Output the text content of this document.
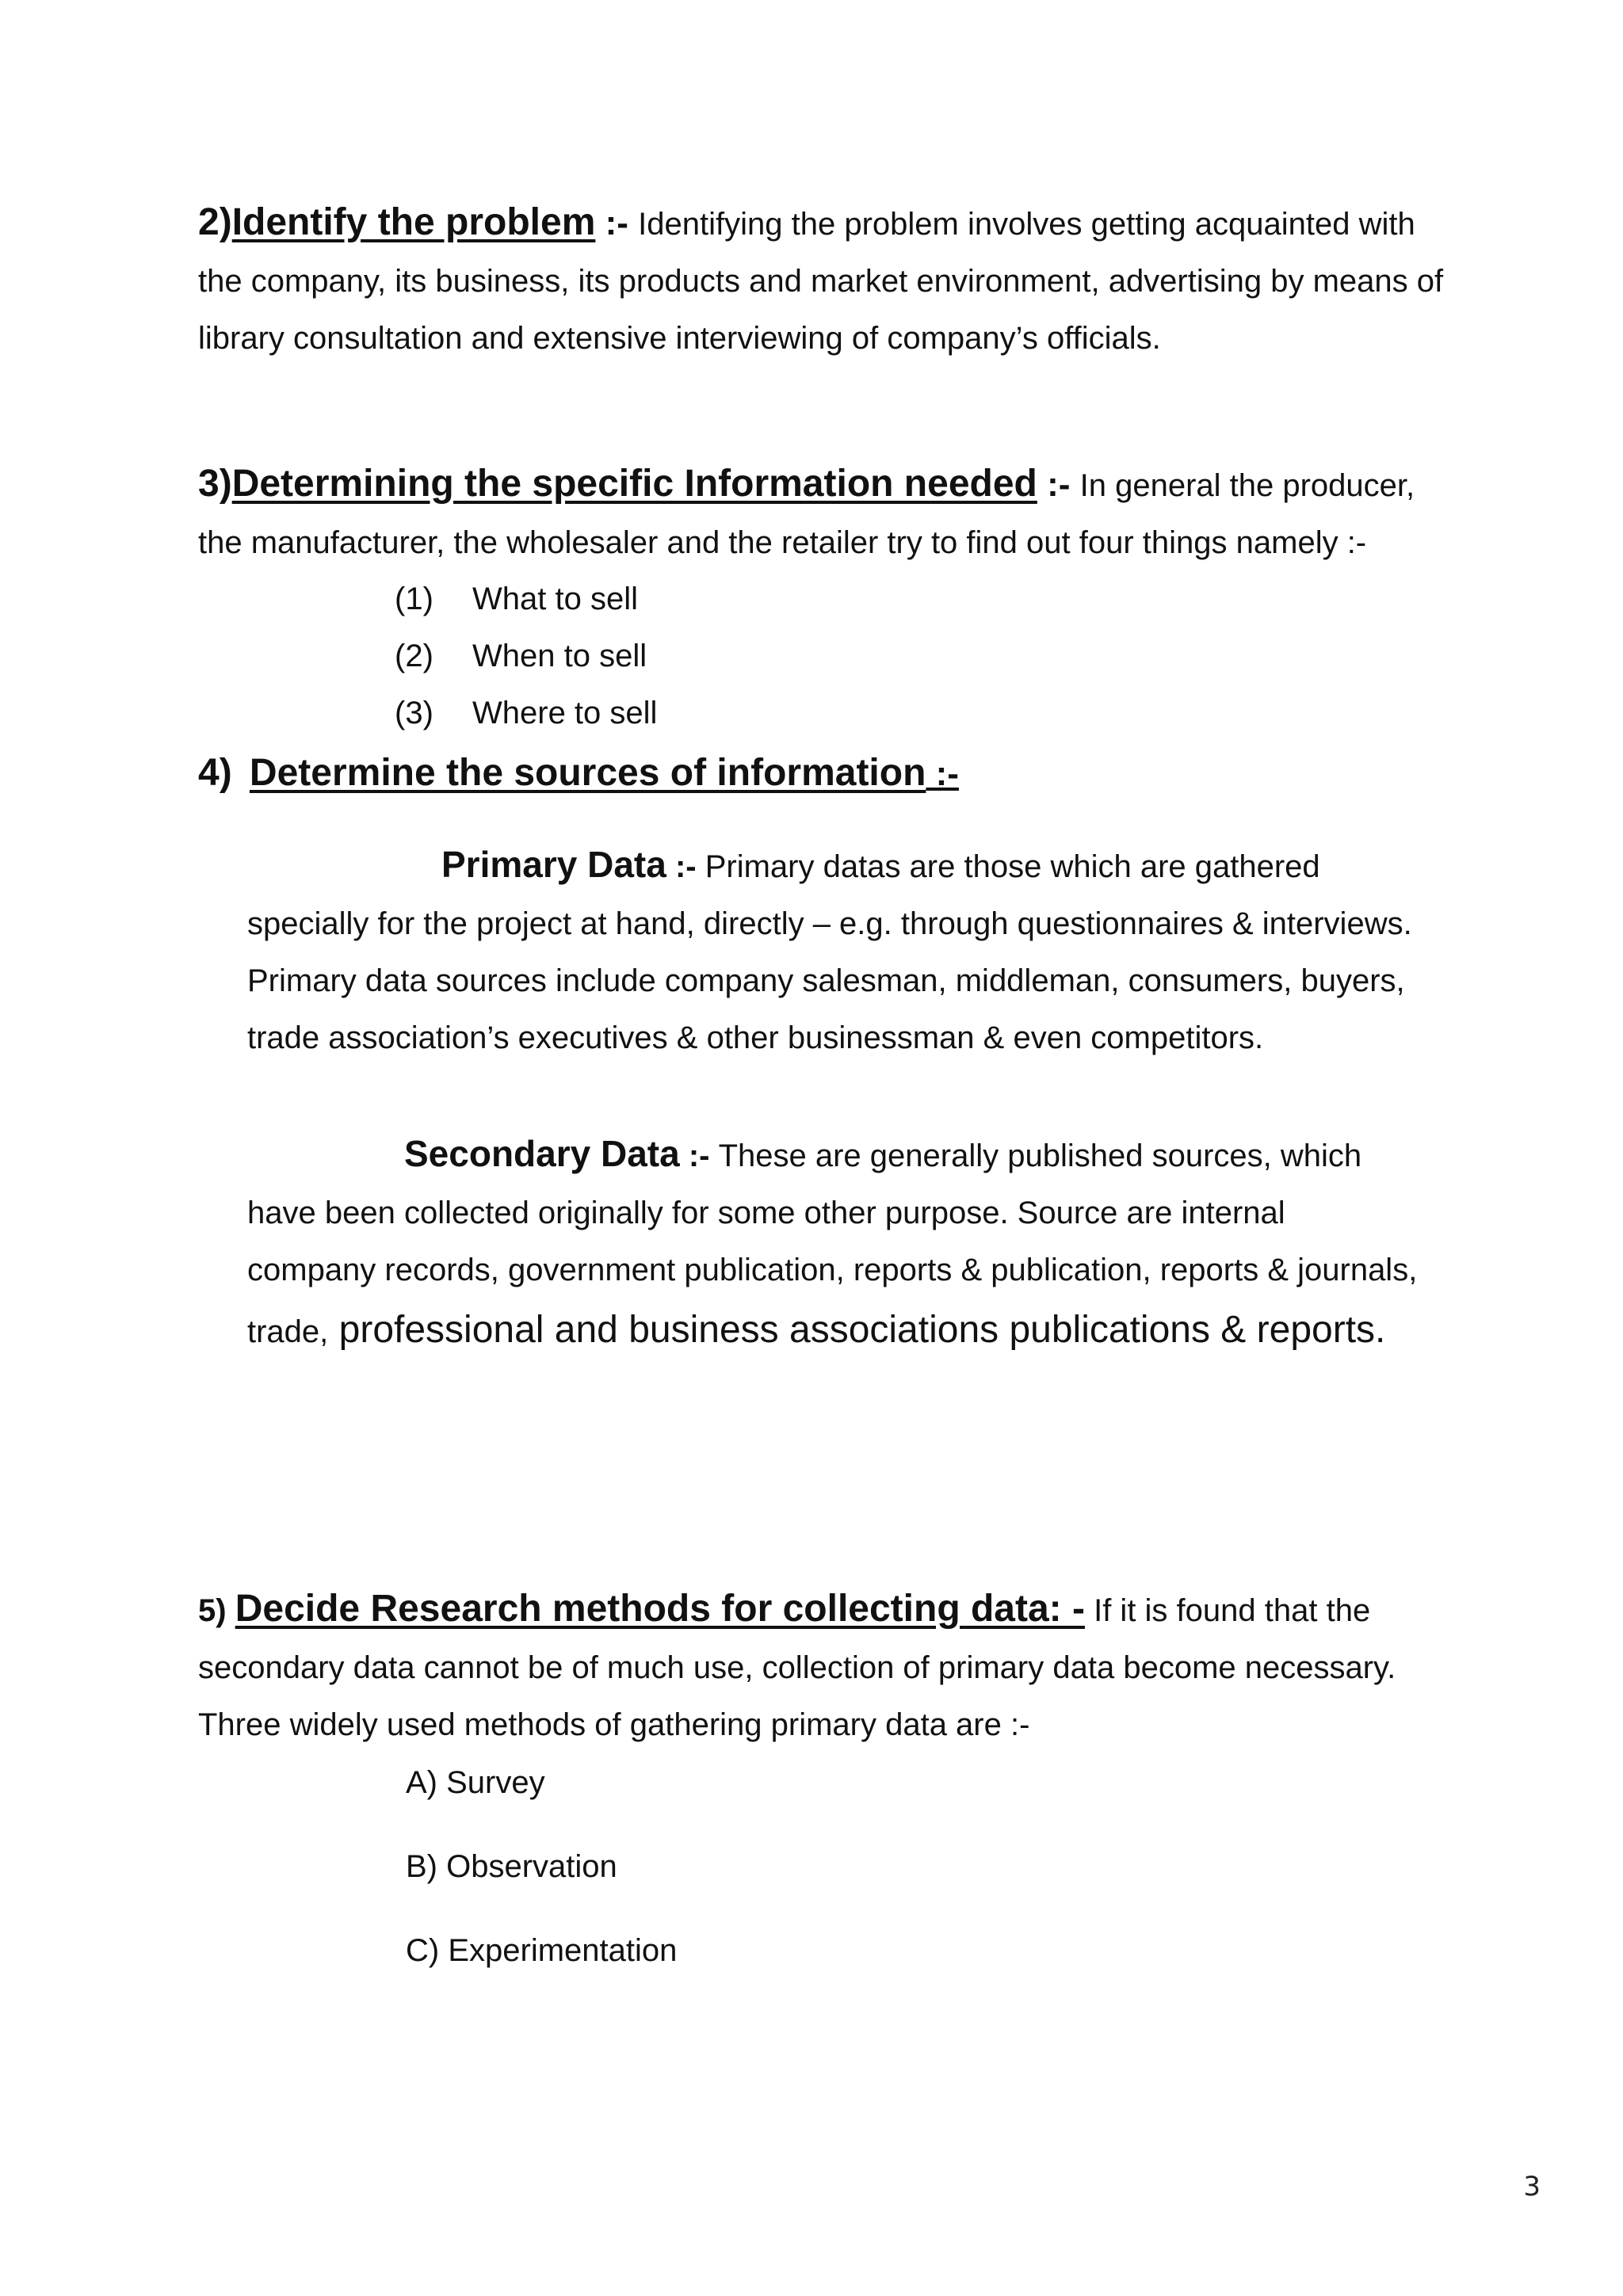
2)Identify the problem :- Identifying the problem involves getting acquainted with the company, its business, its products and market environment, advertising by means of library consultation and extensive interviewing of company’s officials.

3)Determining the specific Information needed :- In general the producer, the manufacturer, the wholesaler and the retailer try to find out four things namely :-

(1) What to sell
(2) When to sell
(3) Where to sell

4) Determine the sources of information :-

Primary Data :- Primary datas are those which are gathered specially for the project at hand, directly – e.g. through questionnaires & interviews. Primary data sources include company salesman, middleman, consumers, buyers, trade association’s executives & other businessman & even competitors.

Secondary Data :- These are generally published sources, which have been collected originally for some other purpose. Source are internal company records, government publication, reports & publication, reports & journals, trade, professional and business associations publications & reports.

5) Decide Research methods for collecting data: - If it is found that the secondary data cannot be of much use, collection of primary data become necessary. Three widely used methods of gathering primary data are :-

A) Survey
B) Observation
C) Experimentation
3
